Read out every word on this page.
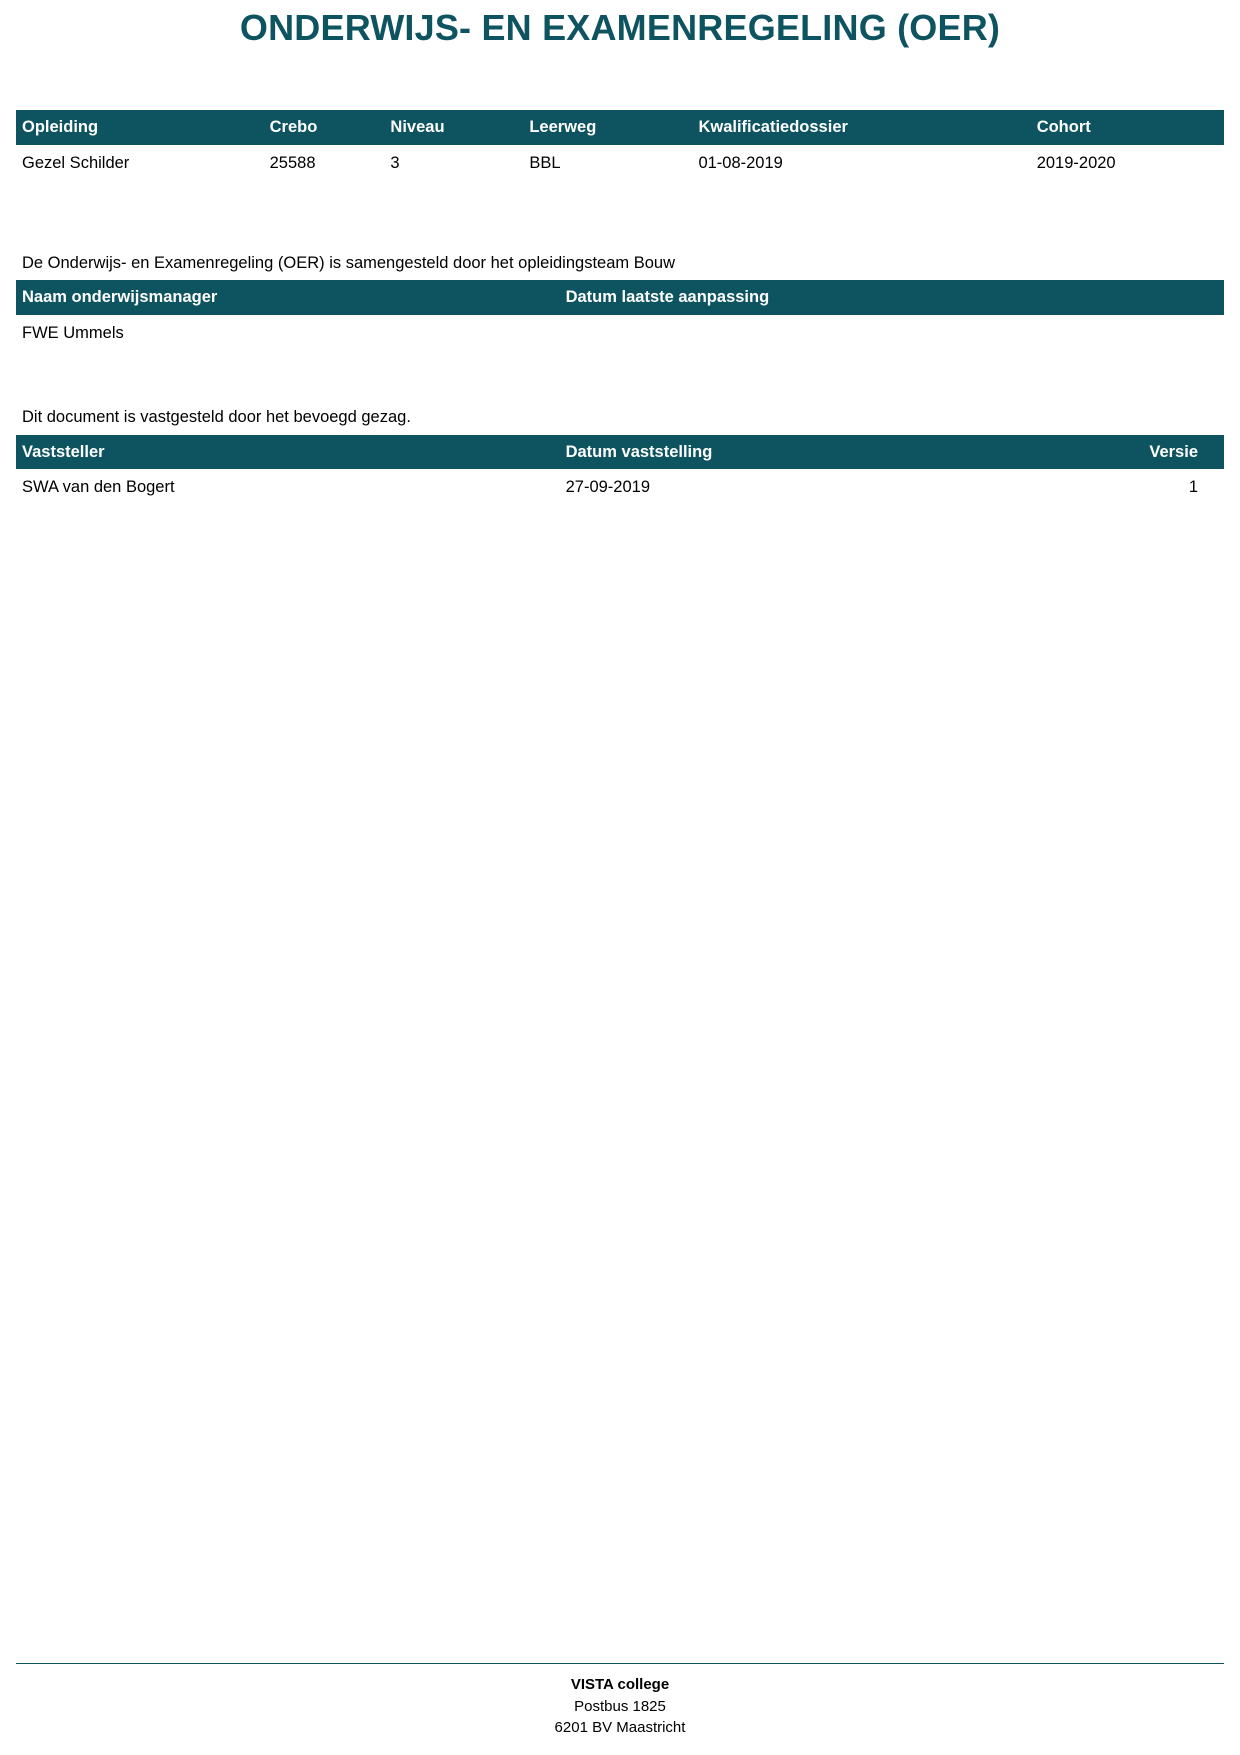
ONDERWIJS- EN EXAMENREGELING (OER)
Opleiding	Crebo	Niveau	Leerweg	Kwalificatiedossier	Cohort
Gezel Schilder	25588	3	BBL	01-08-2019	2019-2020
De Onderwijs- en Examenregeling (OER) is samengesteld door het opleidingsteam Bouw
Naam onderwijsmanager	Datum laatste aanpassing
FWE Ummels	
Dit document is vastgesteld door het bevoegd gezag.
Vaststeller	Datum vaststelling	Versie
SWA van den Bogert	27-09-2019	1
VISTA college
Postbus 1825
6201 BV Maastricht
